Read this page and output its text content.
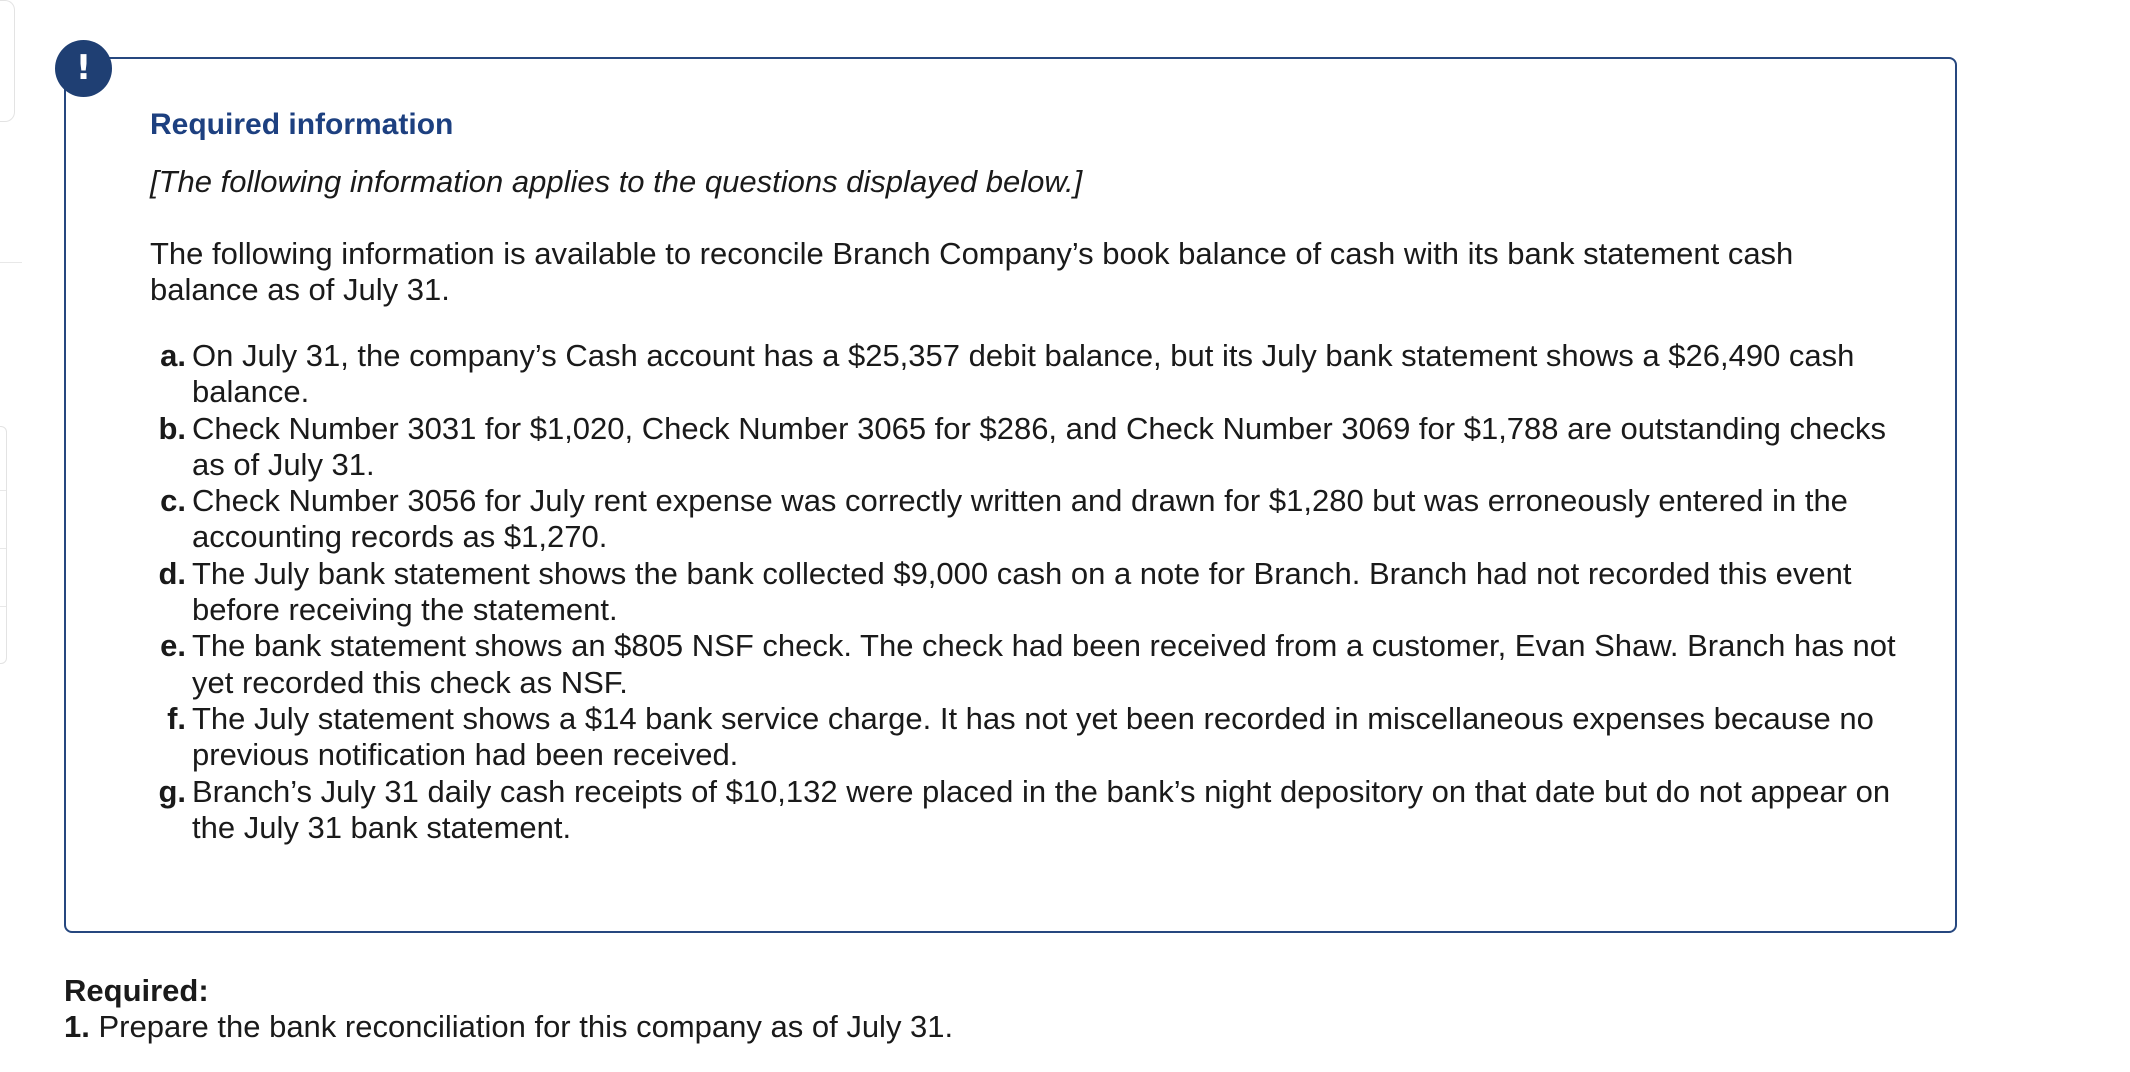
!
Required information

[The following information applies to the questions displayed below.]

The following information is available to reconcile Branch Company’s book balance of cash with its bank statement cash balance as of July 31.

a. On July 31, the company’s Cash account has a $25,357 debit balance, but its July bank statement shows a $26,490 cash balance.
b. Check Number 3031 for $1,020, Check Number 3065 for $286, and Check Number 3069 for $1,788 are outstanding checks as of July 31.
c. Check Number 3056 for July rent expense was correctly written and drawn for $1,280 but was erroneously entered in the accounting records as $1,270.
d. The July bank statement shows the bank collected $9,000 cash on a note for Branch. Branch had not recorded this event before receiving the statement.
e. The bank statement shows an $805 NSF check. The check had been received from a customer, Evan Shaw. Branch has not yet recorded this check as NSF.
f. The July statement shows a $14 bank service charge. It has not yet been recorded in miscellaneous expenses because no previous notification had been received.
g. Branch’s July 31 daily cash receipts of $10,132 were placed in the bank’s night depository on that date but do not appear on the July 31 bank statement.

Required:

1. Prepare the bank reconciliation for this company as of July 31.
